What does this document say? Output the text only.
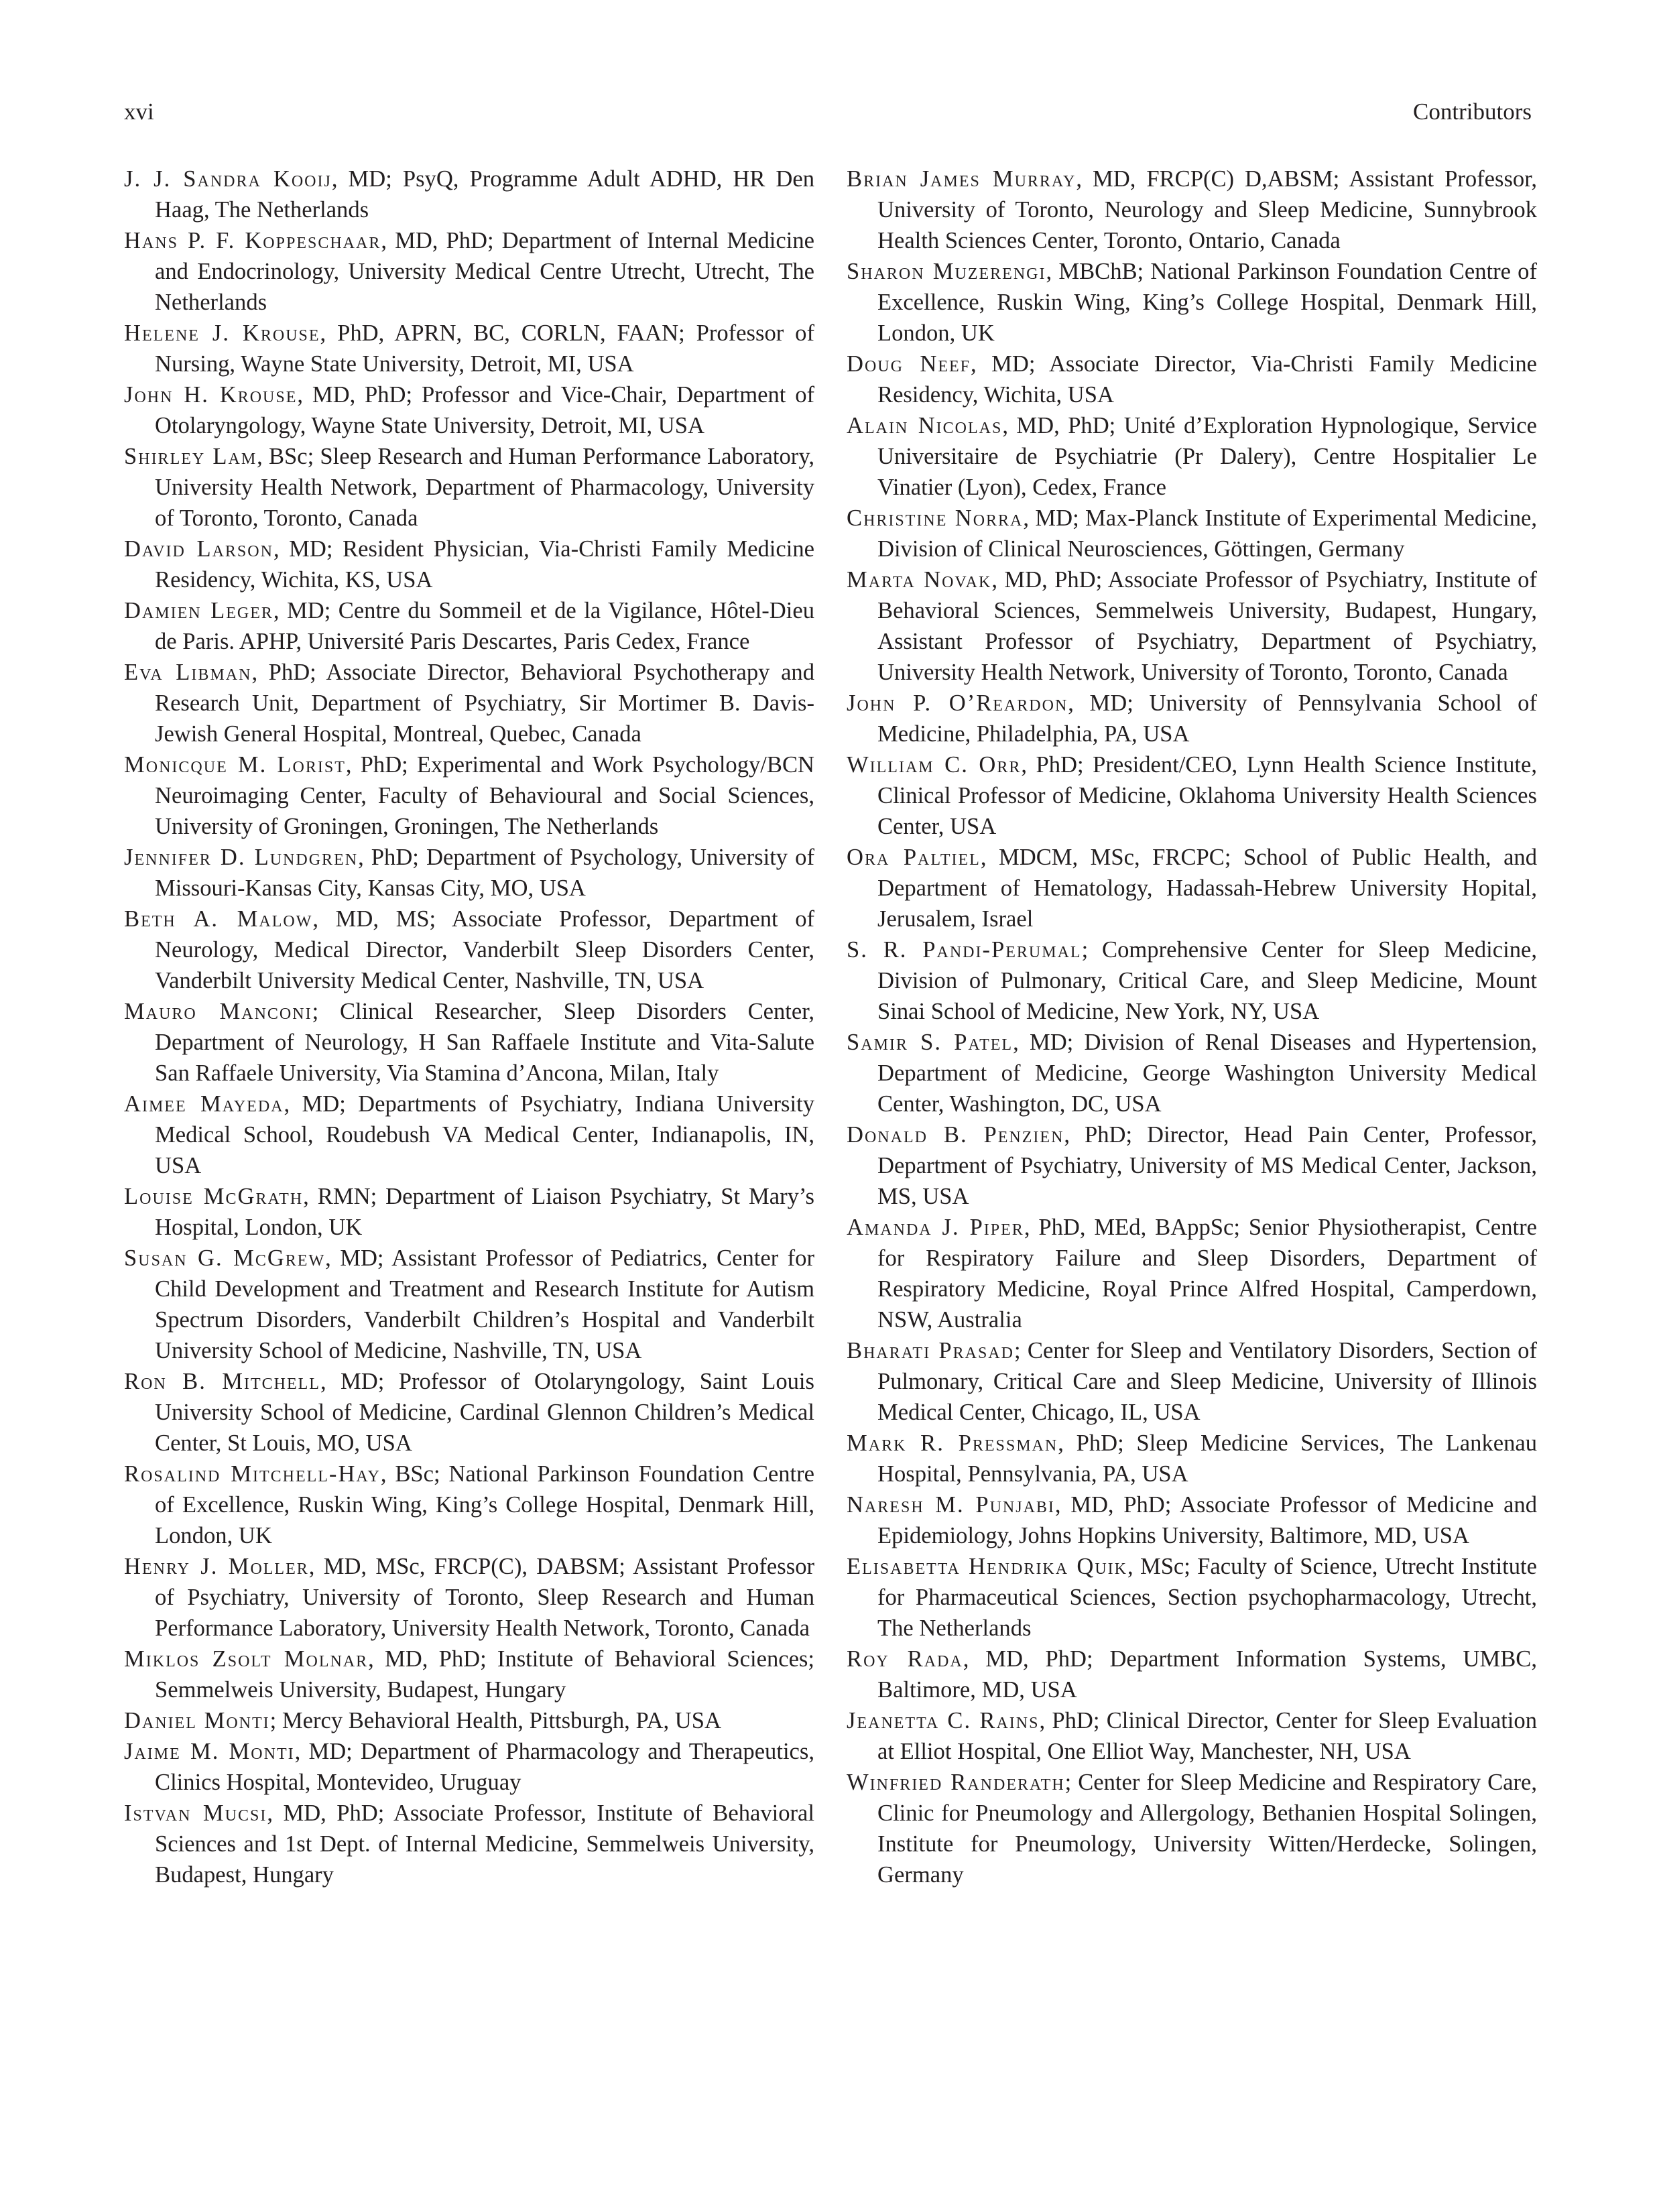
xvi	Contributors

J. J. Sandra Kooij, MD; PsyQ, Programme Adult ADHD, HR Den Haag, The Netherlands

Hans P. F. Koppeschaar, MD, PhD; Department of Internal Medicine and Endocrinology, University Medical Centre Utrecht, Utrecht, The Netherlands

Helene J. Krouse, PhD, APRN, BC, CORLN, FAAN; Professor of Nursing, Wayne State University, Detroit, MI, USA

John H. Krouse, MD, PhD; Professor and Vice-Chair, Department of Otolaryngology, Wayne State University, Detroit, MI, USA

Shirley Lam, BSc; Sleep Research and Human Performance Laboratory, University Health Network, Department of Pharmacology, University of Toronto, Toronto, Canada

David Larson, MD; Resident Physician, Via-Christi Family Medicine Residency, Wichita, KS, USA

Damien Leger, MD; Centre du Sommeil et de la Vigilance, Hôtel-Dieu de Paris. APHP, Université Paris Descartes, Paris Cedex, France

Eva Libman, PhD; Associate Director, Behavioral Psychotherapy and Research Unit, Department of Psychiatry, Sir Mortimer B. Davis-Jewish General Hospital, Montreal, Quebec, Canada

Monicque M. Lorist, PhD; Experimental and Work Psychology/BCN Neuroimaging Center, Faculty of Behavioural and Social Sciences, University of Groningen, Groningen, The Netherlands

Jennifer D. Lundgren, PhD; Department of Psychology, University of Missouri-Kansas City, Kansas City, MO, USA

Beth A. Malow, MD, MS; Associate Professor, Department of Neurology, Medical Director, Vanderbilt Sleep Disorders Center, Vanderbilt University Medical Center, Nashville, TN, USA

Mauro Manconi; Clinical Researcher, Sleep Disorders Center, Department of Neurology, H San Raffaele Institute and Vita-Salute San Raffaele University, Via Stamina d’Ancona, Milan, Italy

Aimee Mayeda, MD; Departments of Psychiatry, Indiana University Medical School, Roudebush VA Medical Center, Indianapolis, IN, USA

Louise McGrath, RMN; Department of Liaison Psychiatry, St Mary’s Hospital, London, UK

Susan G. McGrew, MD; Assistant Professor of Pediatrics, Center for Child Development and Treatment and Research Institute for Autism Spectrum Disorders, Vanderbilt Children’s Hospital and Vanderbilt University School of Medicine, Nashville, TN, USA

Ron B. Mitchell, MD; Professor of Otolaryngology, Saint Louis University School of Medicine, Cardinal Glennon Children’s Medical Center, St Louis, MO, USA

Rosalind Mitchell-Hay, BSc; National Parkinson Foundation Centre of Excellence, Ruskin Wing, King’s College Hospital, Denmark Hill, London, UK

Henry J. Moller, MD, MSc, FRCP(C), DABSM; Assistant Professor of Psychiatry, University of Toronto, Sleep Research and Human Performance Laboratory, University Health Network, Toronto, Canada

Miklos Zsolt Molnar, MD, PhD; Institute of Behavioral Sciences; Semmelweis University, Budapest, Hungary

Daniel Monti; Mercy Behavioral Health, Pittsburgh, PA, USA

Jaime M. Monti, MD; Department of Pharmacology and Therapeutics, Clinics Hospital, Montevideo, Uruguay

Istvan Mucsi, MD, PhD; Associate Professor, Institute of Behavioral Sciences and 1st Dept. of Internal Medicine, Semmelweis University, Budapest, Hungary

Brian James Murray, MD, FRCP(C) D,ABSM; Assistant Professor, University of Toronto, Neurology and Sleep Medicine, Sunnybrook Health Sciences Center, Toronto, Ontario, Canada

Sharon Muzerengi, MBChB; National Parkinson Foundation Centre of Excellence, Ruskin Wing, King’s College Hospital, Denmark Hill, London, UK

Doug Neef, MD; Associate Director, Via-Christi Family Medicine Residency, Wichita, USA

Alain Nicolas, MD, PhD; Unité d’Exploration Hypnologique, Service Universitaire de Psychiatrie (Pr Dalery), Centre Hospitalier Le Vinatier (Lyon), Cedex, France

Christine Norra, MD; Max-Planck Institute of Experimental Medicine, Division of Clinical Neurosciences, Göttingen, Germany

Marta Novak, MD, PhD; Associate Professor of Psychiatry, Institute of Behavioral Sciences, Semmelweis University, Budapest, Hungary, Assistant Professor of Psychiatry, Department of Psychiatry, University Health Network, University of Toronto, Toronto, Canada

John P. O’Reardon, MD; University of Pennsylvania School of Medicine, Philadelphia, PA, USA

William C. Orr, PhD; President/CEO, Lynn Health Science Institute, Clinical Professor of Medicine, Oklahoma University Health Sciences Center, USA

Ora Paltiel, MDCM, MSc, FRCPC; School of Public Health, and Department of Hematology, Hadassah-Hebrew University Hopital, Jerusalem, Israel

S. R. Pandi-Perumal; Comprehensive Center for Sleep Medicine, Division of Pulmonary, Critical Care, and Sleep Medicine, Mount Sinai School of Medicine, New York, NY, USA

Samir S. Patel, MD; Division of Renal Diseases and Hypertension, Department of Medicine, George Washington University Medical Center, Washington, DC, USA

Donald B. Penzien, PhD; Director, Head Pain Center, Professor, Department of Psychiatry, University of MS Medical Center, Jackson, MS, USA

Amanda J. Piper, PhD, MEd, BAppSc; Senior Physiotherapist, Centre for Respiratory Failure and Sleep Disorders, Department of Respiratory Medicine, Royal Prince Alfred Hospital, Camperdown, NSW, Australia

Bharati Prasad; Center for Sleep and Ventilatory Disorders, Section of Pulmonary, Critical Care and Sleep Medicine, University of Illinois Medical Center, Chicago, IL, USA

Mark R. Pressman, PhD; Sleep Medicine Services, The Lankenau Hospital, Pennsylvania, PA, USA

Naresh M. Punjabi, MD, PhD; Associate Professor of Medicine and Epidemiology, Johns Hopkins University, Baltimore, MD, USA

Elisabetta Hendrika Quik, MSc; Faculty of Science, Utrecht Institute for Pharmaceutical Sciences, Section psychopharmacology, Utrecht, The Netherlands

Roy Rada, MD, PhD; Department Information Systems, UMBC, Baltimore, MD, USA

Jeanetta C. Rains, PhD; Clinical Director, Center for Sleep Evaluation at Elliot Hospital, One Elliot Way, Manchester, NH, USA

Winfried Randerath; Center for Sleep Medicine and Respiratory Care, Clinic for Pneumology and Allergology, Bethanien Hospital Solingen, Institute for Pneumology, University Witten/Herdecke, Solingen, Germany
